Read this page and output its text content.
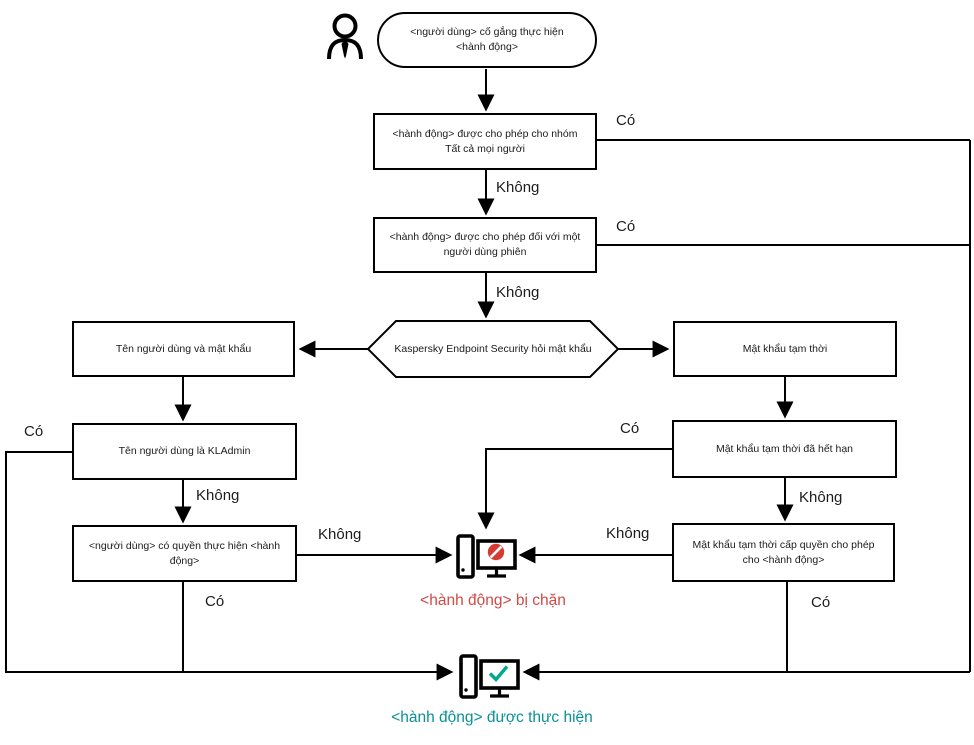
<người dùng> cố gắng thực hiện <hành động>
<hành động> được cho phép cho nhóm Tất cả mọi người
<hành động> được cho phép đối với một người dùng phiên
Kaspersky Endpoint Security hỏi mật khẩu
Tên người dùng và mật khẩu	Mật khẩu tạm thời
Tên người dùng là KLAdmin
<người dùng> có quyền thực hiện <hành động>
Mật khẩu tạm thời đã hết hạn
Mật khẩu tạm thời cấp quyền cho phép cho <hành động>
Có
Không
Có
Không
Có
Không
Không
Có
Có
Không
Không
Có
<hành động> bị chặn
<hành động> được thực hiện
